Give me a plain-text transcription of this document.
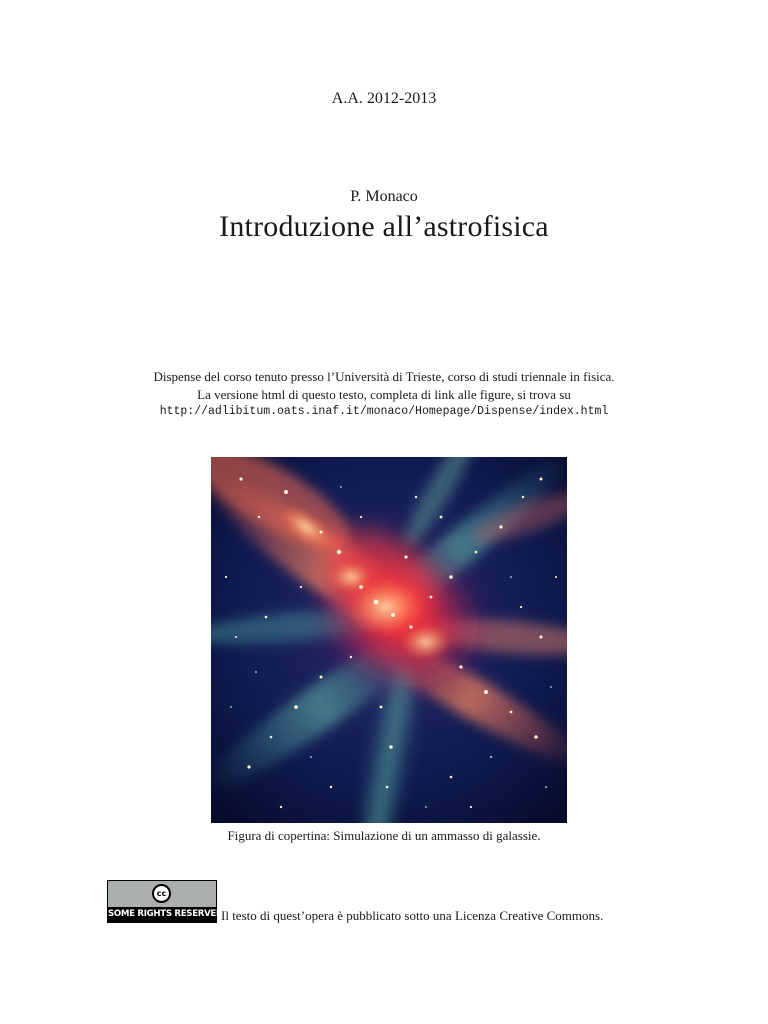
A.A. 2012-2013
P. Monaco
Introduzione all’astrofisica
Dispense del corso tenuto presso l’Università di Trieste, corso di studi triennale in fisica.
La versione html di questo testo, completa di link alle figure, si trova su
http://adlibitum.oats.inaf.it/monaco/Homepage/Dispense/index.html
Figura di copertina: Simulazione di un ammasso di galassie.
cc
SOME RIGHTS RESERVED
Il testo di quest’opera è pubblicato sotto una Licenza Creative Commons.
